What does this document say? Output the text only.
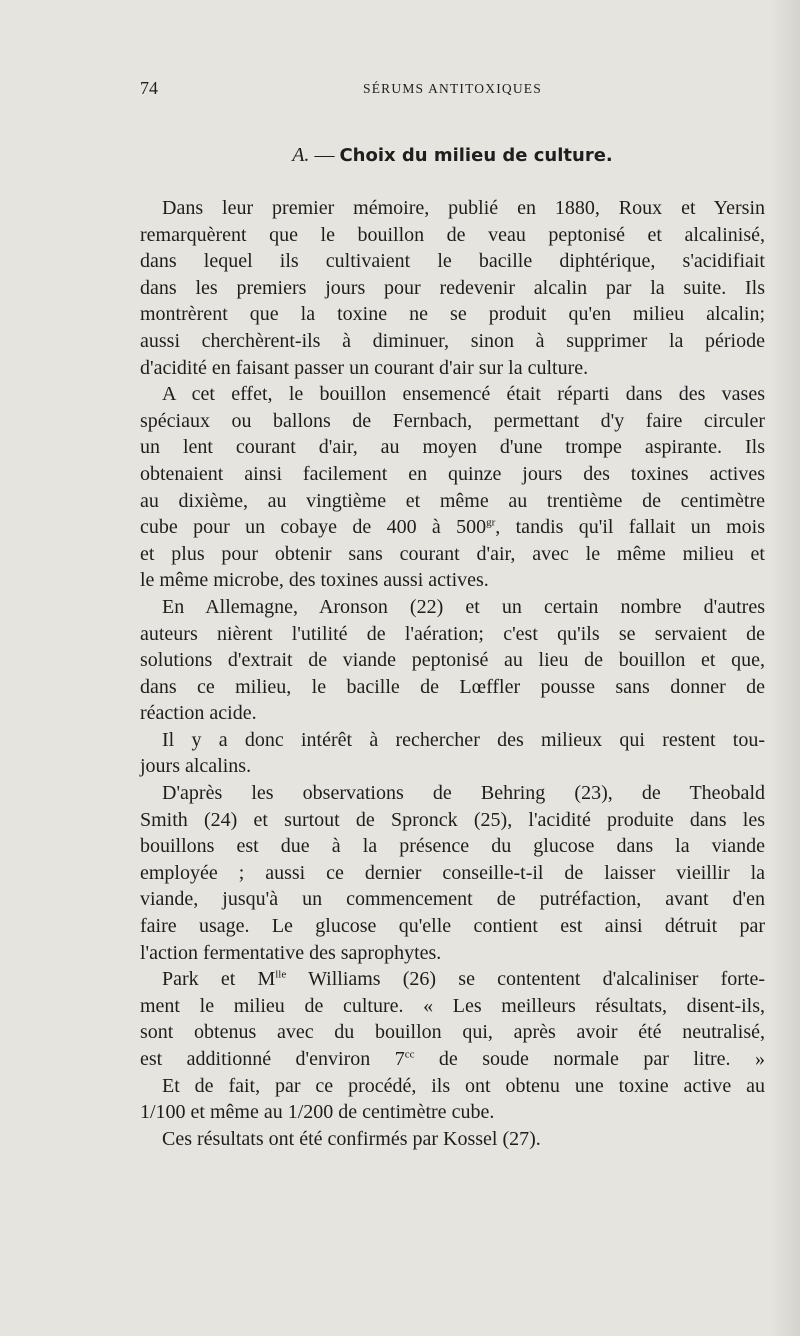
74	SÉRUMS ANTITOXIQUES
A. — Choix du milieu de culture.
Dans leur premier mémoire, publié en 1880, Roux et Yersin
remarquèrent que le bouillon de veau peptonisé et alcalinisé,
dans lequel ils cultivaient le bacille diphtérique, s'acidifiait
dans les premiers jours pour redevenir alcalin par la suite. Ils
montrèrent que la toxine ne se produit qu'en milieu alcalin;
aussi cherchèrent-ils à diminuer, sinon à supprimer la période
d'acidité en faisant passer un courant d'air sur la culture.
A cet effet, le bouillon ensemencé était réparti dans des vases
spéciaux ou ballons de Fernbach, permettant d'y faire circuler
un lent courant d'air, au moyen d'une trompe aspirante. Ils
obtenaient ainsi facilement en quinze jours des toxines actives
au dixième, au vingtième et même au trentième de centimètre
cube pour un cobaye de 400 à $500^{gr}$, tandis qu'il fallait un mois
et plus pour obtenir sans courant d'air, avec le même milieu et
le même microbe, des toxines aussi actives.
En Allemagne, Aronson (22) et un certain nombre d'autres
auteurs nièrent l'utilité de l'aération; c'est qu'ils se servaient de
solutions d'extrait de viande peptonisé au lieu de bouillon et que,
dans ce milieu, le bacille de Lœffler pousse sans donner de
réaction acide.
Il y a donc intérêt à rechercher des milieux qui restent tou-
jours alcalins.
D'après les observations de Behring (23), de Theobald
Smith (24) et surtout de Spronck (25), l'acidité produite dans les
bouillons est due à la présence du glucose dans la viande
employée ; aussi ce dernier conseille-t-il de laisser vieillir la
viande, jusqu'à un commencement de putréfaction, avant d'en
faire usage. Le glucose qu'elle contient est ainsi détruit par
l'action fermentative des saprophytes.
Park et $M^{lle}$ Williams (26) se contentent d'alcaliniser forte-
ment le milieu de culture. « Les meilleurs résultats, disent-ils,
sont obtenus avec du bouillon qui, après avoir été neutralisé,
est additionné d'environ $7^{cc}$ de soude normale par litre. »
Et de fait, par ce procédé, ils ont obtenu une toxine active au
1/100 et même au 1/200 de centimètre cube.
Ces résultats ont été confirmés par Kossel (27).
